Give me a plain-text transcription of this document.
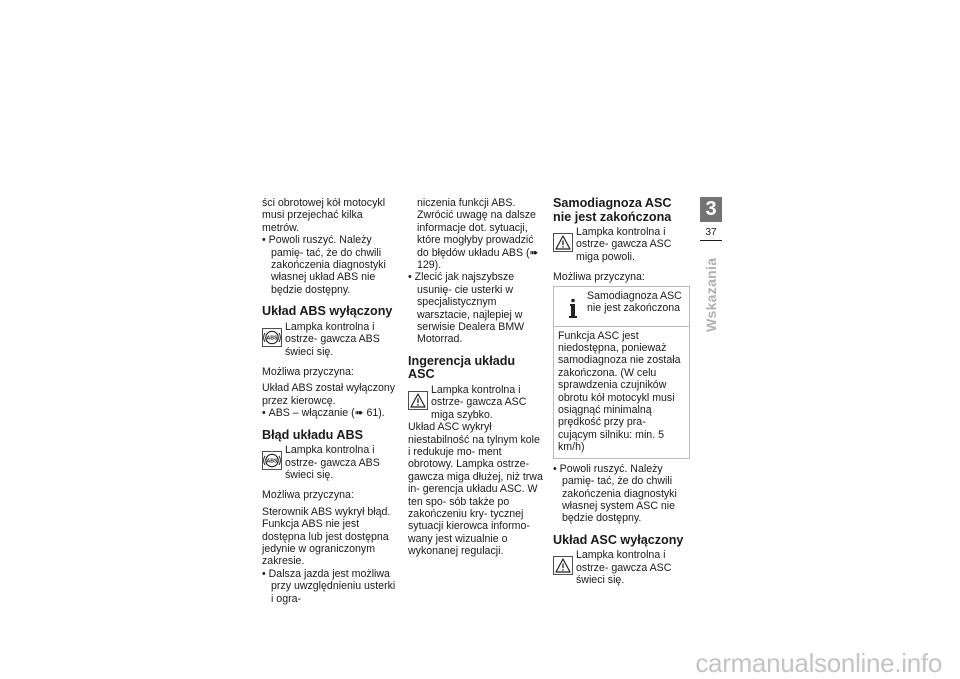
ści obrotowej kół motocykl musi przejechać kilka metrów.

• Powoli ruszyć. Należy pamię- tać, że do chwili zakończenia diagnostyki własnej układ ABS nie będzie dostępny.

Układ ABS wyłączony
ABS
Lampka kontrolna i ostrze- gawcza ABS świeci się.

Możliwa przyczyna:

Układ ABS został wyłączony przez kierowcę.

• ABS – włączanie (➠ 61).

Błąd układu ABS
ABS
Lampka kontrolna i ostrze- gawcza ABS świeci się.

Możliwa przyczyna:

Sterownik ABS wykrył błąd. Funkcja ABS nie jest dostępna lub jest dostępna jedynie w ograniczonym zakresie.

• Dalsza jazda jest możliwa przy uwzględnieniu usterki i ogra-

niczenia funkcji ABS. Zwrócić uwagę na dalsze informacje dot. sytuacji, które mogłyby prowadzić do błędów układu ABS (➠ 129).

• Zlecić jak najszybsze usunię- cie usterki w specjalistycznym warsztacie, najlepiej w serwisie Dealera BMW Motorrad.

Ingerencja układu ASC
Lampka kontrolna i ostrze- gawcza ASC miga szybko.

Układ ASC wykrył niestabilność na tylnym kole i redukuje mo- ment obrotowy. Lampka ostrze- gawcza miga dłużej, niż trwa in- gerencja układu ASC. W ten spo- sób także po zakończeniu kry- tycznej sytuacji kierowca informo- wany jest wizualnie o wykonanej regulacji.

Samodiagnoza ASC nie jest zakończona
Lampka kontrolna i ostrze- gawcza ASC miga powoli.

Możliwa przyczyna:

Samodiagnoza ASC nie jest zakończona
Funkcja ASC jest niedostępna, ponieważ samodiagnoza nie została zakończona. (W celu sprawdzenia czujników obrotu kół motocykl musi osiągnąć minimalną prędkość przy pra- cującym silniku: min. 5 km/h)

• Powoli ruszyć. Należy pamię- tać, że do chwili zakończenia diagnostyki własnej system ASC nie będzie dostępny.

Układ ASC wyłączony
Lampka kontrolna i ostrze- gawcza ASC świeci się.
3
37
Wskazania
carmanualsonline.info
